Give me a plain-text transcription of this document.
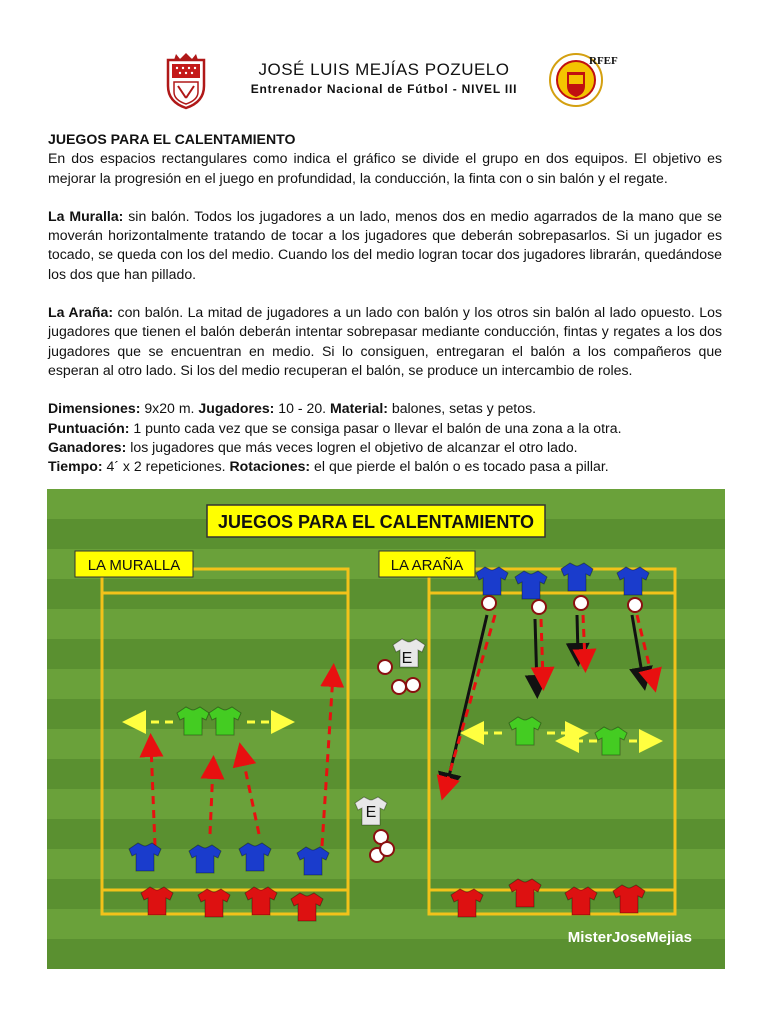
JOSÉ LUIS MEJÍAS POZUELO
Entrenador Nacional de Fútbol - NIVEL III
RFEF

JUEGOS PARA EL CALENTAMIENTO

En dos espacios rectangulares como indica el gráfico se divide el grupo en dos equipos. El objetivo es mejorar la progresión en el juego en profundidad, la conducción, la finta con o sin balón y el regate.

La Muralla: sin balón. Todos los jugadores a un lado, menos dos en medio agarrados de la mano que se moverán horizontalmente tratando de tocar a los jugadores que deberán sobrepasarlos. Si un jugador es tocado, se queda con los del medio. Cuando los del medio logran tocar dos jugadores librarán, quedándose los dos que han pillado.

La Araña: con balón. La mitad de jugadores a un lado con balón y los otros sin balón al lado opuesto. Los jugadores que tienen el balón deberán intentar sobrepasar mediante conducción, fintas y regates a los dos jugadores que se encuentran en medio. Si lo consiguen, entregaran el balón a los compañeros que esperan al otro lado. Si los del medio recuperan el balón, se produce un intercambio de roles.

Dimensiones: 9x20 m. Jugadores: 10 - 20. Material: balones, setas y petos.

Puntuación: 1 punto cada vez que se consiga pasar o llevar el balón de una zona a la otra.

Ganadores: los jugadores que más veces logren el objetivo de alcanzar el otro lado.

Tiempo: 4´ x 2 repeticiones. Rotaciones: el que pierde el balón o es tocado pasa a pillar.

JUEGOS PARA EL CALENTAMIENTO
LA MURALLA	LA ARAÑA
E
E
MisterJoseMejias
